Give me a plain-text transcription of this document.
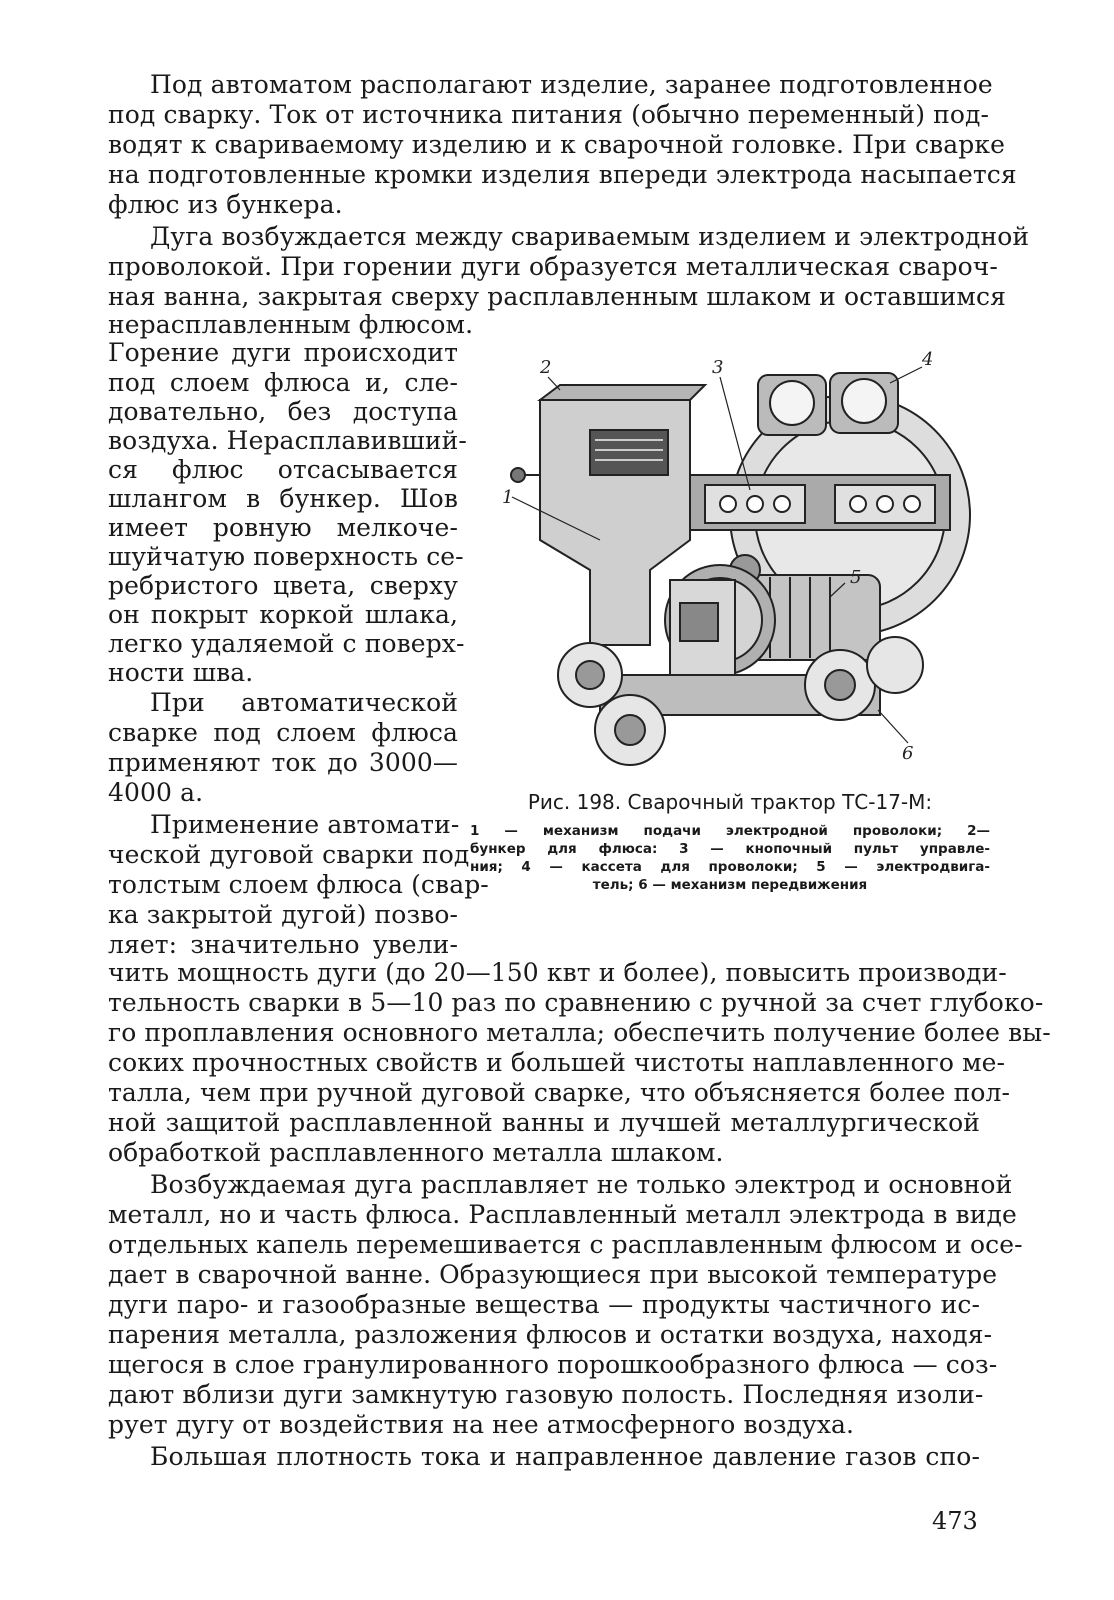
Под автоматом располагают изделие, заранее подготовленное
под сварку. Ток от источника питания (обычно переменный) под-
водят к свариваемому изделию и к сварочной головке. При сварке
на подготовленные кромки изделия впереди электрода насыпается
флюс из бункера.
Дуга возбуждается между свариваемым изделием и электродной
проволокой. При горении дуги образуется металлическая свароч-
ная ванна, закрытая сверху расплавленным шлаком и оставшимся
нерасплавленным флюсом.
Горение дуги происходит
под слоем флюса и, сле-
довательно, без доступа
воздуха. Нерасплавивший-
ся флюс отсасывается
шлангом в бункер. Шов
имеет ровную мелкоче-
шуйчатую поверхность се-
ребристого цвета, сверху
он покрыт коркой шлака,
легко удаляемой с поверх-
ности шва.
При автоматической
сварке под слоем флюса
применяют ток до 3000—
4000 а.
Применение автомати-
ческой дуговой сварки под
толстым слоем флюса (свар-
ка закрытой дугой) позво-
ляет: значительно увели-
1
2	3	4
5
6
Рис. 198. Сварочный трактор ТС-17-М:
1 — механизм подачи электродной проволоки; 2—
бункер для флюса: 3 — кнопочный пульт управле-
ния; 4 — кассета для проволоки; 5 — электродвига-
тель; 6 — механизм передвижения
чить мощность дуги (до 20—150 квт и более), повысить производи-
тельность сварки в 5—10 раз по сравнению с ручной за счет глубоко-
го проплавления основного металла; обеспечить получение более вы-
соких прочностных свойств и большей чистоты наплавленного ме-
талла, чем при ручной дуговой сварке, что объясняется более пол-
ной защитой расплавленной ванны и лучшей металлургической
обработкой расплавленного металла шлаком.
Возбуждаемая дуга расплавляет не только электрод и основной
металл, но и часть флюса. Расплавленный металл электрода в виде
отдельных капель перемешивается с расплавленным флюсом и осе-
дает в сварочной ванне. Образующиеся при высокой температуре
дуги паро- и газообразные вещества — продукты частичного ис-
парения металла, разложения флюсов и остатки воздуха, находя-
щегося в слое гранулированного порошкообразного флюса — соз-
дают вблизи дуги замкнутую газовую полость. Последняя изоли-
рует дугу от воздействия на нее атмосферного воздуха.
Большая плотность тока и направленное давление газов спо-
473
